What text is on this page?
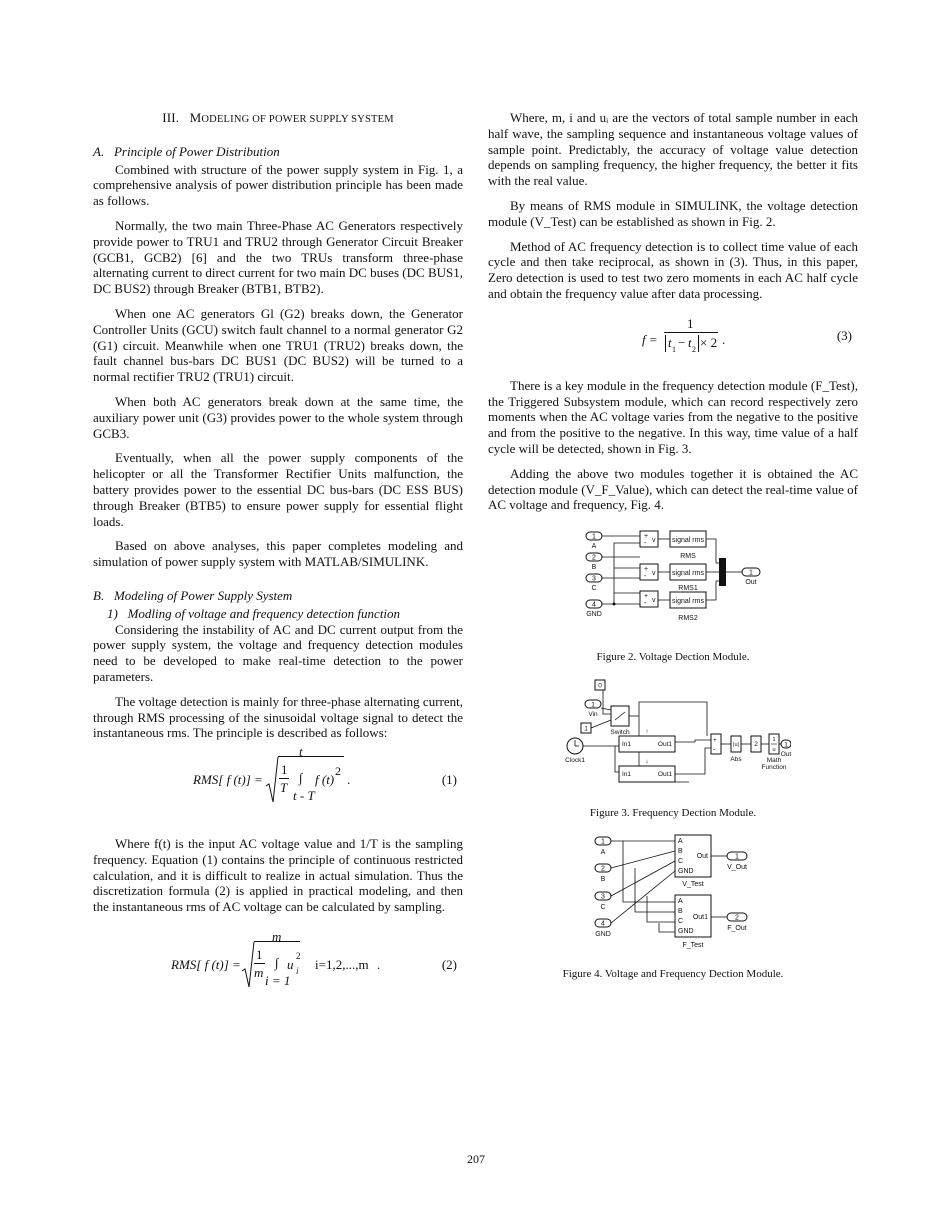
III. MODELING OF POWER SUPPLY SYSTEM
A. Principle of Power Distribution

Combined with structure of the power supply system in Fig. 1, a comprehensive analysis of power distribution principle has been made as follows.

Normally, the two main Three-Phase AC Generators respectively provide power to TRU1 and TRU2 through Generator Circuit Breaker (GCB1, GCB2) [6] and the two TRUs transform three-phase alternating current to direct current for two main DC buses (DC BUS1, DC BUS2) through Breaker (BTB1, BTB2).

When one AC generators Gl (G2) breaks down, the Generator Controller Units (GCU) switch fault channel to a normal generator G2 (G1) circuit. Meanwhile when one TRU1 (TRU2) breaks down, the fault channel bus-bars DC BUS1 (DC BUS2) will be turned to a normal rectifier TRU2 (TRU1) circuit.

When both AC generators break down at the same time, the auxiliary power unit (G3) provides power to the whole system through GCB3.

Eventually, when all the power supply components of the helicopter or all the Transformer Rectifier Units malfunction, the battery provides power to the essential DC bus-bars (DC ESS BUS) through Breaker (BTB5) to ensure power supply for essential flight loads.

Based on above analyses, this paper completes modeling and simulation of power supply system with MATLAB/SIMULINK.

B. Modeling of Power Supply System
1) Modling of voltage and frequency detection function

Considering the instability of AC and DC current output from the power supply system, the voltage and frequency detection modules need to be developed to make real-time detection to the power parameters.

The voltage detection is mainly for three-phase alternating current, through RMS processing of the sinusoidal voltage signal to detect the instantaneous rms. The principle is described as follows:

RMS[ f (t)] =
1
T
t
∫
t - T
f (t)
2
.	(1)

Where f(t) is the input AC voltage value and 1/T is the sampling frequency. Equation (1) contains the principle of continuous restricted calculation, and it is difficult to realize in actual simulation. Thus the discretization formula (2) is applied in practical modeling, and then the instantaneous rms of AC voltage can be calculated by sampling.

RMS[ f (t)] =
1
m
m
∫
i = 1
u
2
i i=1,2,...,m .	(2)

Where, m, i and uᵢ are the vectors of total sample number in each half wave, the sampling sequence and instantaneous voltage values of sample point. Predictably, the accuracy of voltage value detection depends on sampling frequency, the higher frequency, the better it fits with the real value.

By means of RMS module in SIMULINK, the voltage detection module (V_Test) can be established as shown in Fig. 2.

Method of AC frequency detection is to collect time value of each cycle and then take reciprocal, as shown in (3). Thus, in this paper, Zero detection is used to test two zero moments in each AC half cycle and obtain the frequency value after data processing.

f =
1
t 1 − t 2 × 2 .	(3)

There is a key module in the frequency detection module (F_Test), the Triggered Subsystem module, which can record respectively zero moments when the AC voltage varies from the negative to the positive and from the positive to the negative. In this way, time value of a half cycle will be detected, shown in Fig. 3.

Adding the above two modules together it is obtained the AC detection module (V_F_Value), which can detect the real-time value of AC voltage and frequency, Fig. 4.

1
A
2
B
3
C
4
GND
+
- v
+
- v
+
- v
signal rms
RMS
signal rms
RMS1
signal rms
RMS2
1
Out
Figure 2. Voltage Dection Module.
0
1
Vin
1	Switch
Clock1
In1	Out1
↑
In1	Out1
↓
+
-
|u|
Abs
2
1
u
Math
Function
1
Out
Figure 3. Frequency Dection Module.
1
A
2
B
3
C
4
GND
A
B
C
GND
Out
V_Test
A
B
C
GND
Out1
F_Test
1
V_Out
2
F_Out
Figure 4. Voltage and Frequency Dection Module.
207
